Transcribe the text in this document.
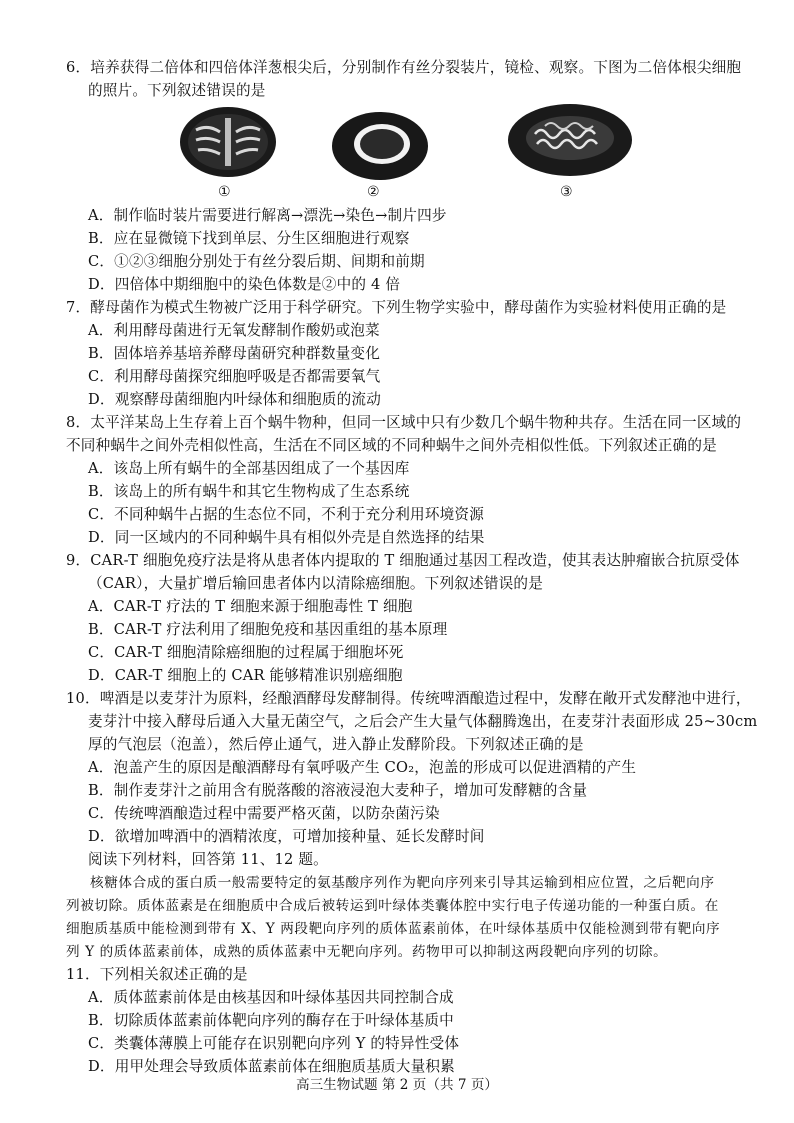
6．培养获得二倍体和四倍体洋葱根尖后，分别制作有丝分裂装片，镜检、观察。下图为二倍体根尖细胞
的照片。下列叙述错误的是
①	②	③
A．制作临时装片需要进行解离→漂洗→染色→制片四步
B．应在显微镜下找到单层、分生区细胞进行观察
C．①②③细胞分别处于有丝分裂后期、间期和前期
D．四倍体中期细胞中的染色体数是②中的 4 倍
7．酵母菌作为模式生物被广泛用于科学研究。下列生物学实验中，酵母菌作为实验材料使用正确的是
A．利用酵母菌进行无氧发酵制作酸奶或泡菜
B．固体培养基培养酵母菌研究种群数量变化
C．利用酵母菌探究细胞呼吸是否都需要氧气
D．观察酵母菌细胞内叶绿体和细胞质的流动
8．太平洋某岛上生存着上百个蜗牛物种，但同一区域中只有少数几个蜗牛物种共存。生活在同一区域的
不同种蜗牛之间外壳相似性高，生活在不同区域的不同种蜗牛之间外壳相似性低。下列叙述正确的是
A．该岛上所有蜗牛的全部基因组成了一个基因库
B．该岛上的所有蜗牛和其它生物构成了生态系统
C．不同种蜗牛占据的生态位不同，不利于充分利用环境资源
D．同一区域内的不同种蜗牛具有相似外壳是自然选择的结果
9．CAR-T 细胞免疫疗法是将从患者体内提取的 T 细胞通过基因工程改造，使其表达肿瘤嵌合抗原受体
（CAR），大量扩增后输回患者体内以清除癌细胞。下列叙述错误的是
A．CAR-T 疗法的 T 细胞来源于细胞毒性 T 细胞
B．CAR-T 疗法利用了细胞免疫和基因重组的基本原理
C．CAR-T 细胞清除癌细胞的过程属于细胞坏死
D．CAR-T 细胞上的 CAR 能够精准识别癌细胞
10．啤酒是以麦芽汁为原料，经酿酒酵母发酵制得。传统啤酒酿造过程中，发酵在敞开式发酵池中进行，
麦芽汁中接入酵母后通入大量无菌空气，之后会产生大量气体翻腾逸出，在麦芽汁表面形成 25~30cm
厚的气泡层（泡盖），然后停止通气，进入静止发酵阶段。下列叙述正确的是
A．泡盖产生的原因是酿酒酵母有氧呼吸产生 CO₂，泡盖的形成可以促进酒精的产生
B．制作麦芽汁之前用含有脱落酸的溶液浸泡大麦种子，增加可发酵糖的含量
C．传统啤酒酿造过程中需要严格灭菌，以防杂菌污染
D．欲增加啤酒中的酒精浓度，可增加接种量、延长发酵时间
阅读下列材料，回答第 11、12 题。
核糖体合成的蛋白质一般需要特定的氨基酸序列作为靶向序列来引导其运输到相应位置，之后靶向序
列被切除。质体蓝素是在细胞质中合成后被转运到叶绿体类囊体腔中实行电子传递功能的一种蛋白质。在
细胞质基质中能检测到带有 X、Y 两段靶向序列的质体蓝素前体，在叶绿体基质中仅能检测到带有靶向序
列 Y 的质体蓝素前体，成熟的质体蓝素中无靶向序列。药物甲可以抑制这两段靶向序列的切除。
11．下列相关叙述正确的是
A．质体蓝素前体是由核基因和叶绿体基因共同控制合成
B．切除质体蓝素前体靶向序列的酶存在于叶绿体基质中
C．类囊体薄膜上可能存在识别靶向序列 Y 的特异性受体
D．用甲处理会导致质体蓝素前体在细胞质基质大量积累
高三生物试题 第 2 页（共 7 页）
